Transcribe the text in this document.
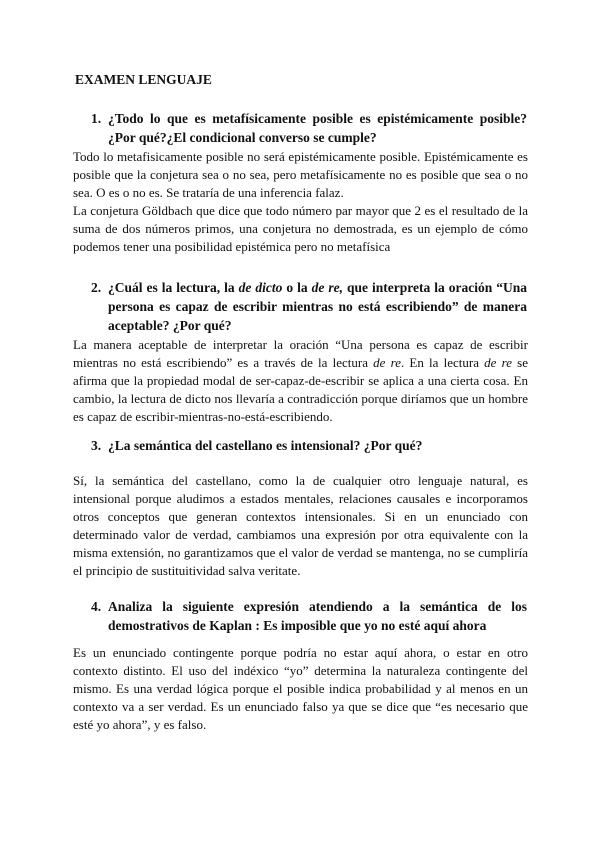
EXAMEN LENGUAJE
1. ¿Todo lo que es metafísicamente posible es epistémicamente posible?¿Por qué?¿El condicional converso se cumple?

Todo lo metafisicamente posible no será epistémicamente posible. Epistémicamente es posible que la conjetura sea o no sea, pero metafísicamente no es posible que sea o no sea. O es o no es. Se trataría de una inferencia falaz.

La conjetura Göldbach que dice que todo número par mayor que 2 es el resultado de la suma de dos números primos, una conjetura no demostrada, es un ejemplo de cómo podemos tener una posibilidad epistémica pero no metafísica

2. ¿Cuál es la lectura, la de dicto o la de re, que interpreta la oración “Una persona es capaz de escribir mientras no está escribiendo” de manera aceptable? ¿Por qué?

La manera aceptable de interpretar la oración “Una persona es capaz de escribir mientras no está escribiendo” es a través de la lectura de re. En la lectura de re se afirma que la propiedad modal de ser-capaz-de-escribir se aplica a una cierta cosa. En cambio, la lectura de dicto nos llevaría a contradicción porque diríamos que un hombre es capaz de escribir-mientras-no-está-escribiendo.

3. ¿La semántica del castellano es intensional? ¿Por qué?

Sí, la semántica del castellano, como la de cualquier otro lenguaje natural, es intensional porque aludimos a estados mentales, relaciones causales e incorporamos otros conceptos que generan contextos intensionales. Si en un enunciado con determinado valor de verdad, cambiamos una expresión por otra equivalente con la misma extensión, no garantizamos que el valor de verdad se mantenga, no se cumpliría el principio de sustituitividad salva veritate.

4. Analiza la siguiente expresión atendiendo a la semántica de los demostrativos de Kaplan : Es imposible que yo no esté aquí ahora

Es un enunciado contingente porque podría no estar aquí ahora, o estar en otro contexto distinto. El uso del indéxico “yo” determina la naturaleza contingente del mismo. Es una verdad lógica porque el posible indica probabilidad y al menos en un contexto va a ser verdad. Es un enunciado falso ya que se dice que “es necesario que esté yo ahora”, y es falso.
